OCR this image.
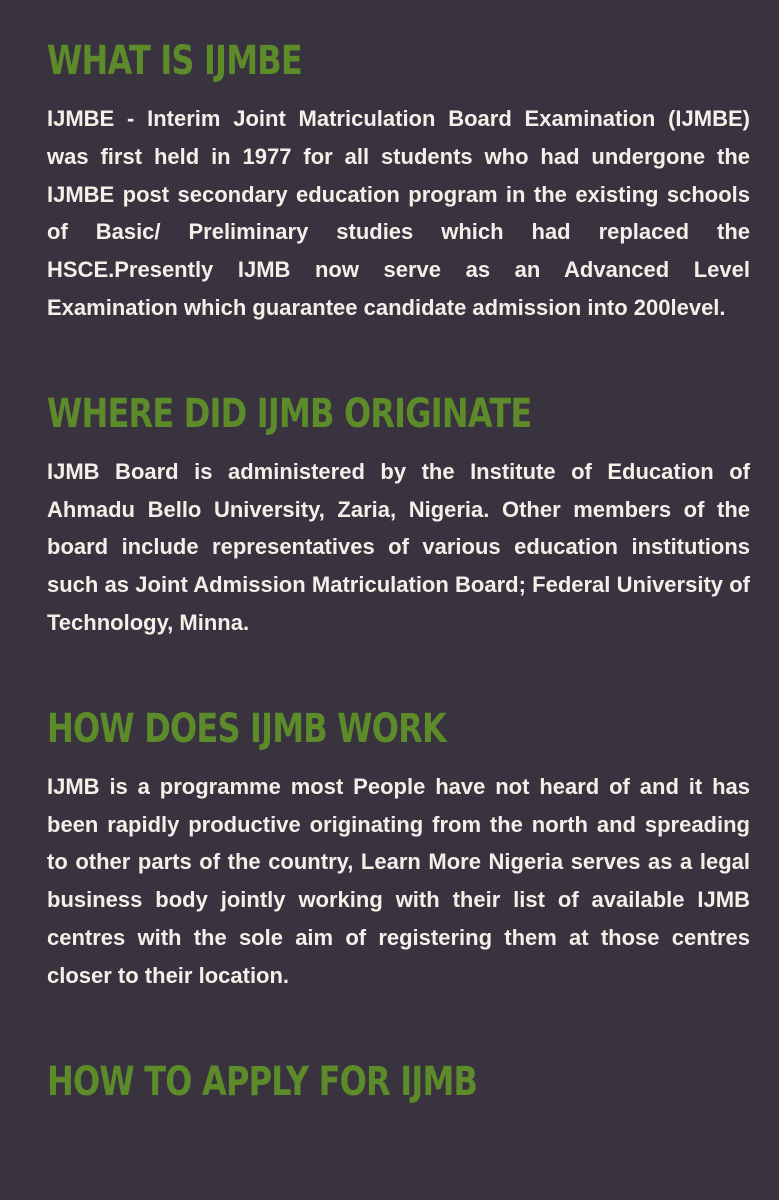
WHAT IS IJMBE

IJMBE - Interim Joint Matriculation Board Examination (IJMBE) was first held in 1977 for all students who had undergone the IJMBE post secondary education program in the existing schools of Basic/ Preliminary studies which had replaced the HSCE.Presently IJMB now serve as an Advanced Level Examination which guarantee candidate admission into 200level.

WHERE DID IJMB ORIGINATE

IJMB Board is administered by the Institute of Education of Ahmadu Bello University, Zaria, Nigeria. Other members of the board include representatives of various education institutions such as Joint Admission Matriculation Board; Federal University of Technology, Minna.

HOW DOES IJMB WORK

IJMB is a programme most People have not heard of and it has been rapidly productive originating from the north and spreading to other parts of the country, Learn More Nigeria serves as a legal business body jointly working with their list of available IJMB centres with the sole aim of registering them at those centres closer to their location.

HOW TO APPLY FOR IJMB
